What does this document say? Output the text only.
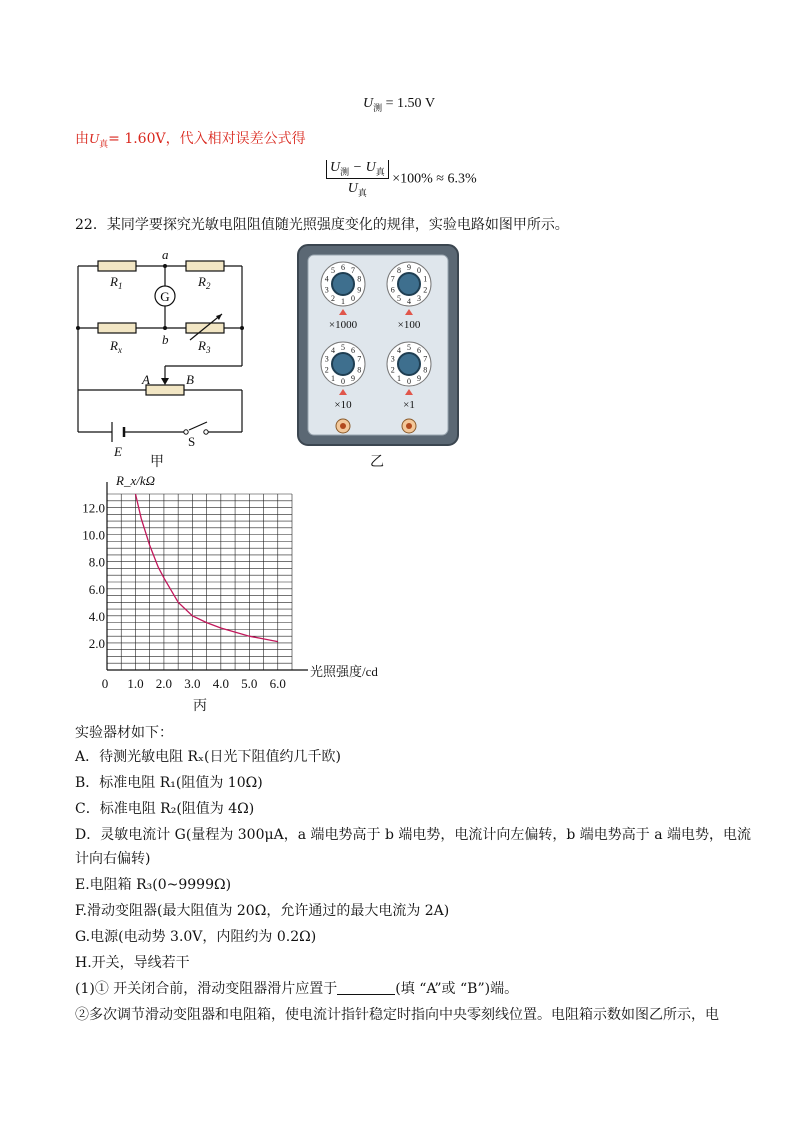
$U_测 = 1.50$ V
由$U_真= 1.60V$，代入相对误差公式得
$U_测 - U_真$
$U_真$
×100% ≈ 6.3%
22．某同学要探究光敏电阻阻值随光照强度变化的规律，实验电路如图甲所示。
G
a
b
A	B
$R_1$	$R_2$
$R_x$	$R_3$
E
S
甲
0
1
2
3
4
5 6 7
8
9
×1000
0
1
2
3
4
5
6
7
8 9
×100
0
1
2
3
4 5 6
7
8
9
×10
0
1
2
3
4 5 6
7
8
9
×1
乙
0 1.0 2.0 3.0 4.0 5.0 6.0
2.0
4.0
6.0
8.0
10.0
12.0
R_x/kΩ
光照强度/cd
丙
实验器材如下：
A．待测光敏电阻 Rₓ(日光下阻值约几千欧)
B．标准电阻 R₁(阻值为 10Ω)
C．标准电阻 R₂(阻值为 4Ω)
D．灵敏电流计 G(量程为 300μA，a 端电势高于 b 端电势，电流计向左偏转，b 端电势高于 a 端电势，电流
计向右偏转)
E.电阻箱 R₃(0~9999Ω)
F.滑动变阻器(最大阻值为 20Ω，允许通过的最大电流为 2A)
G.电源(电动势 3.0V，内阻约为 0.2Ω)
H.开关，导线若干
(1)① 开关闭合前，滑动变阻器滑片应置于	(填 “A”或 “B”)端。
②多次调节滑动变阻器和电阻箱，使电流计指针稳定时指向中央零刻线位置。电阻箱示数如图乙所示，电
